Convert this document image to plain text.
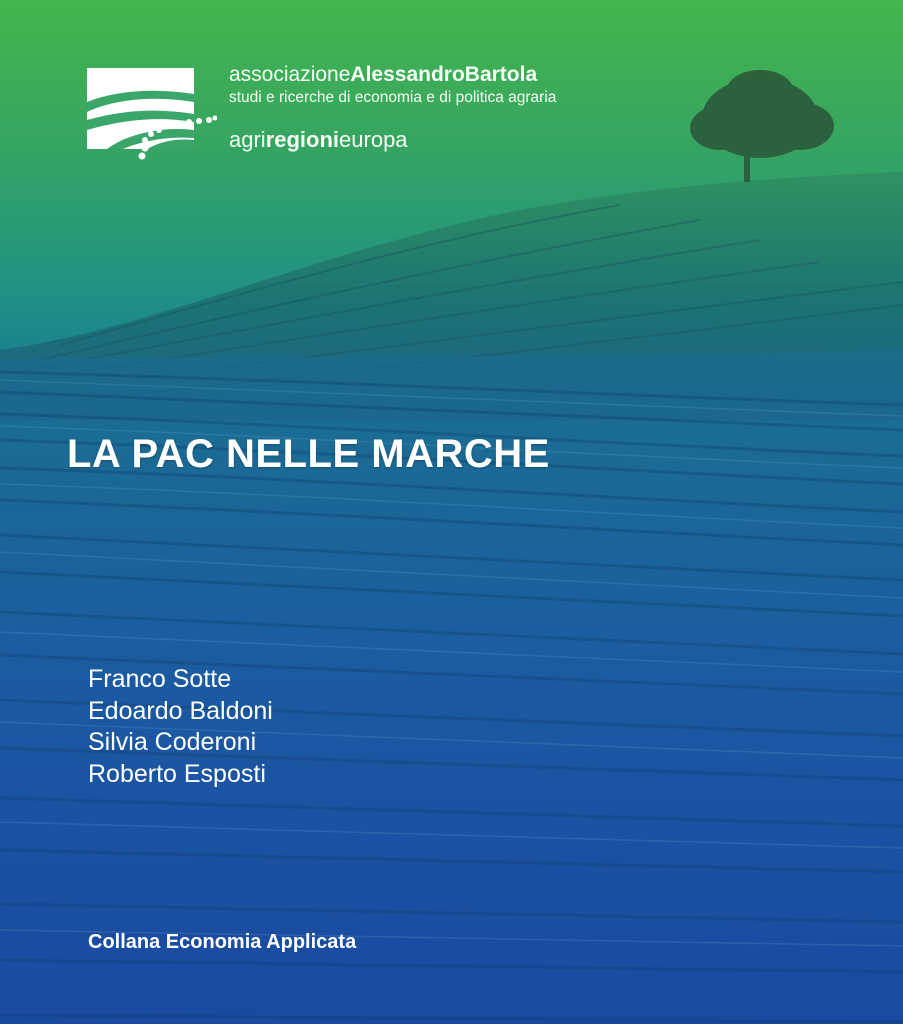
associazioneAlessandroBartola
studi e ricerche di economia e di politica agraria
agriregionieuropa
LA PAC NELLE MARCHE
Franco Sotte
Edoardo Baldoni
Silvia Coderoni
Roberto Esposti
Collana Economia Applicata
